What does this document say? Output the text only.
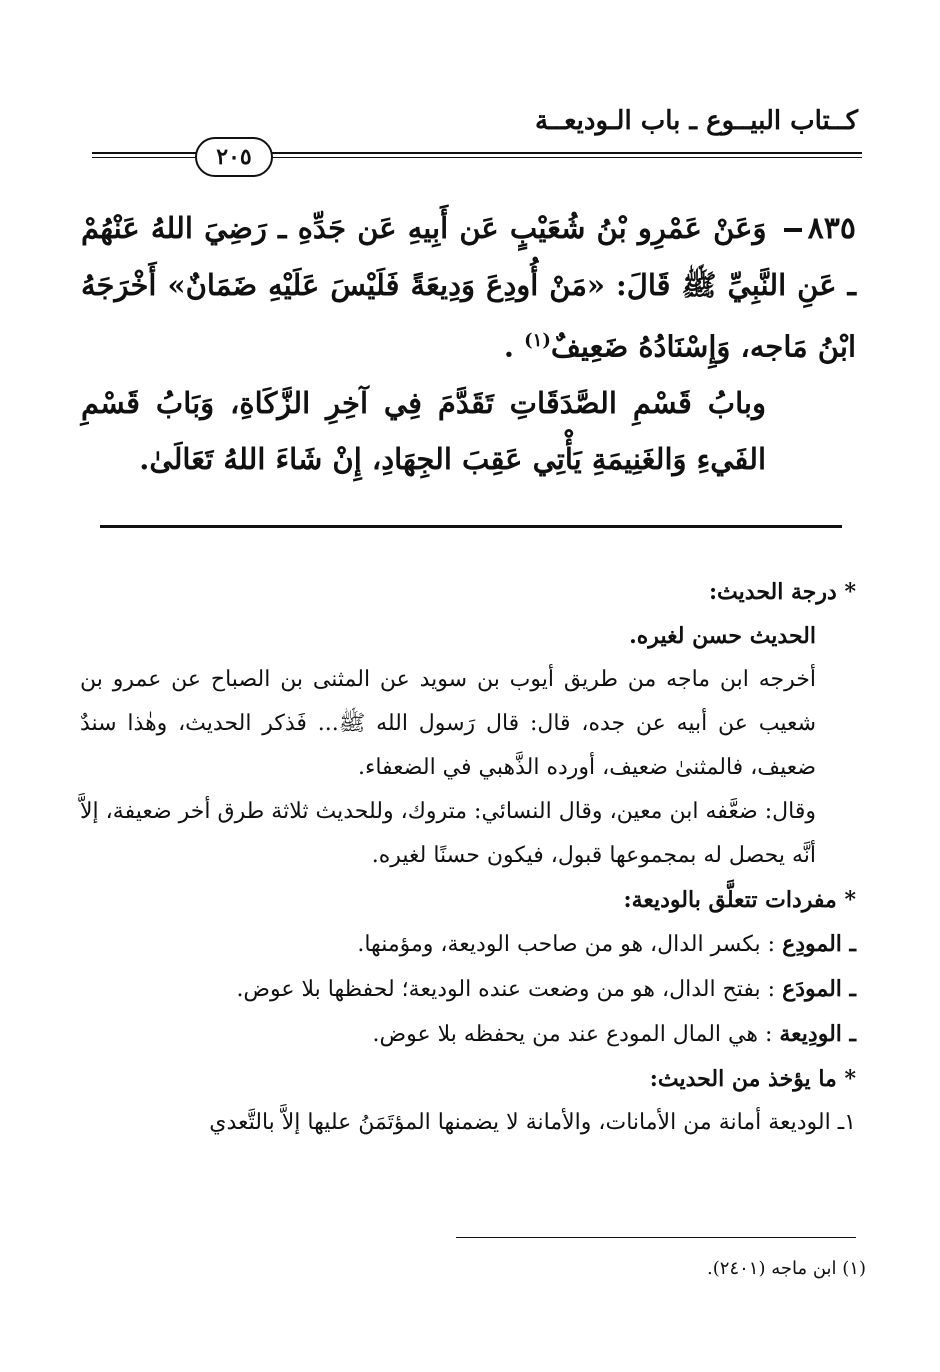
كــتاب البيــوع ـ باب الـوديعــة
٢٠٥

٨٣٥ وَعَنْ عَمْرِو بْنُ شُعَيْبٍ عَن أَبِيهِ عَن جَدِّهِ ـ رَضِيَ اللهُ عَنْهُمْ ـ عَنِ النَّبِيِّ ﷺ قَالَ: «مَنْ أُودِعَ وَدِيعَةً فَلَيْسَ عَلَيْهِ ضَمَانٌ» أَخْرَجَهُ ابْنُ مَاجه، وَإِسْنَادُهُ ضَعِيفٌ$^{(١)}$ .

وبابُ قَسْمِ الصَّدَقَاتِ تَقَدَّمَ فِي آخِرِ الزَّكَاةِ، وَبَابُ قَسْمِ الفَيءِ وَالغَنِيمَةِ يَأْتِي عَقِبَ الجِهَادِ، إِنْ شَاءَ اللهُ تَعَالَىٰ.

* درجة الحديث:

الحديث حسن لغيره.

أخرجه ابن ماجه من طريق أيوب بن سويد عن المثنى بن الصباح عن عمرو بن شعيب عن أبيه عن جده، قال: قال رَسول الله ﷺ... فَذكر الحديث، وهٰذا سندٌ ضعيف، فالمثنىٰ ضعيف، أورده الذَّهبي في الضعفاء.

وقال: ضعَّفه ابن معين، وقال النسائي: متروك، وللحديث ثلاثة طرق أخر ضعيفة، إلاَّ أنَّه يحصل له بمجموعها قبول، فيكون حسنًا لغيره.

* مفردات تتعلَّق بالوديعة:

ـ المودِع : بكسر الدال، هو من صاحب الوديعة، ومؤمنها.

ـ المودَع : بفتح الدال، هو من وضعت عنده الوديعة؛ لحفظها بلا عوض.

ـ الودِيعة : هي المال المودع عند من يحفظه بلا عوض.

* ما يؤخذ من الحديث:

١ـ الوديعة أمانة من الأمانات، والأمانة لا يضمنها المؤتَمَنُ عليها إلاَّ بالتَّعدي

(١) ابن ماجه (٢٤٠١).
